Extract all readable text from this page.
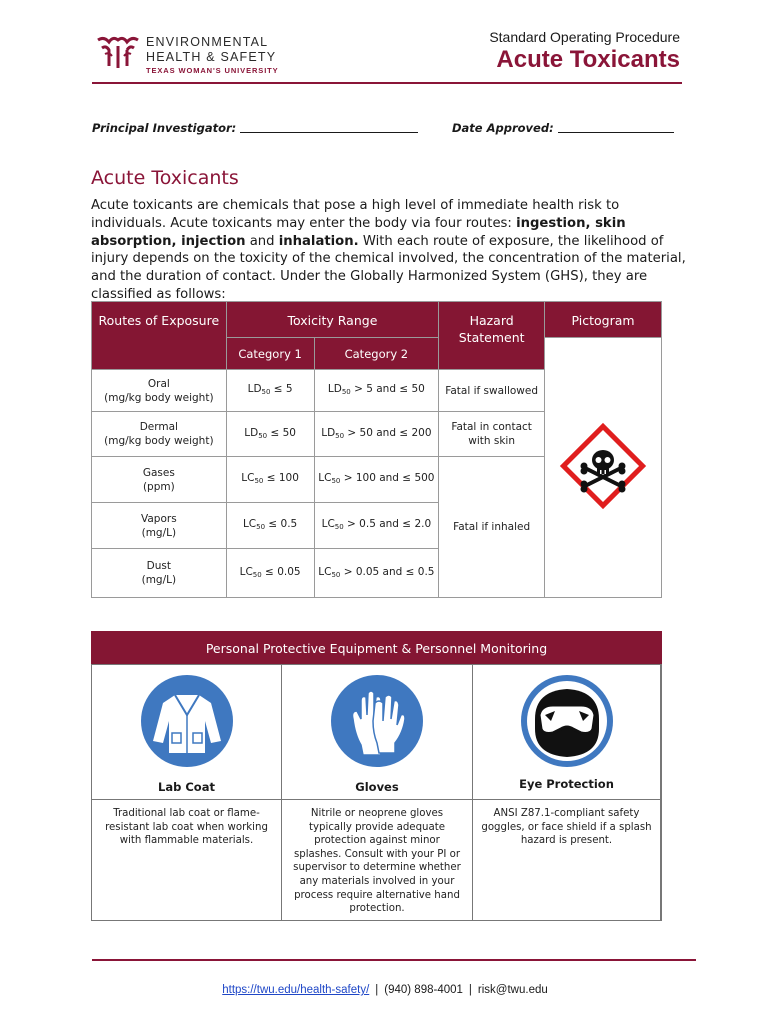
ENVIRONMENTAL
HEALTH & SAFETY
TEXAS WOMAN'S UNIVERSITY
Standard Operating Procedure
Acute Toxicants
Principal Investigator:	Date Approved:
Acute Toxicants

Acute toxicants are chemicals that pose a high level of immediate health risk to individuals. Acute toxicants may enter the body via four routes: ingestion, skin absorption, injection and inhalation. With each route of exposure, the likelihood of injury depends on the toxicity of the chemical involved, the concentration of the material, and the duration of contact. Under the Globally Harmonized System (GHS), they are classified as follows:

Routes of Exposure	Toxicity Range		Hazard Statement	Pictogram
	Category 1	Category 2	
Oral
(mg/kg body weight)	$LD_{50} \le 5$	$LD_{50} > 5$ and ≤ 50	Fatal if swallowed	
Dermal
(mg/kg body weight)	$LD_{50} \le 50$	$LD_{50} > 50$ and ≤ 200	Fatal in contact with skin	
Gases
(ppm)	$LC_{50} \le 100$	$LC_{50} > 100$ and ≤ 500	Fatal if inhaled	
Vapors
(mg/L)	$LC_{50} \le 0.5$	$LC_{50} > 0.5$ and ≤ 2.0		
Dust
(mg/L)	$LC_{50} \le 0.05$	$LC_{50} > 0.05$ and ≤ 0.5		
Personal Protective Equipment & Personnel Monitoring
Lab Coat
Traditional lab coat or flame-resistant lab coat when working with flammable materials.
Gloves
Nitrile or neoprene gloves typically provide adequate protection against minor splashes. Consult with your PI or supervisor to determine whether any materials involved in your process require alternative hand protection.
Eye Protection
ANSI Z87.1-compliant safety goggles, or face shield if a splash hazard is present.
https://twu.edu/health-safety/ | (940) 898-4001 | risk@twu.edu
